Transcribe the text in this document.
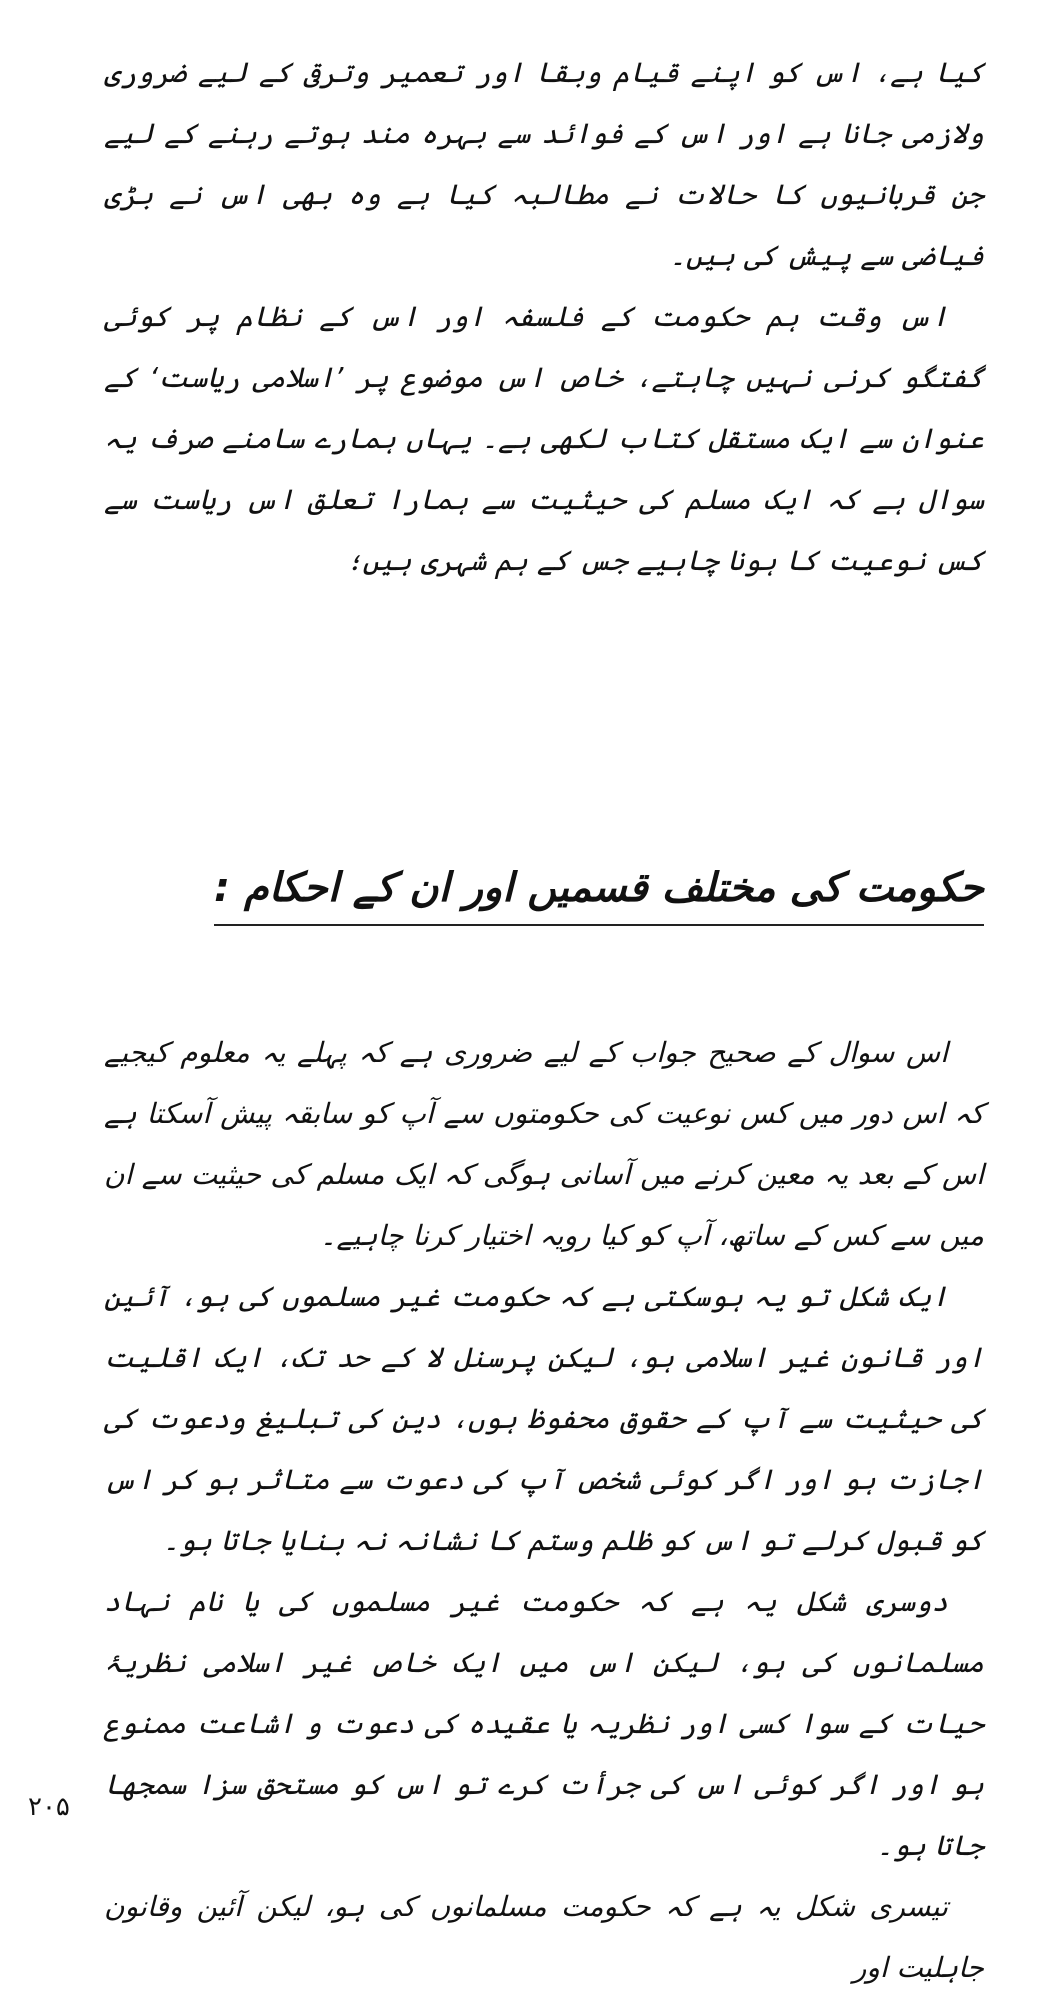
کیا ہے، اس کو اپنے قیام وبقا اور تعمیر وترقی کے لیے ضروری ولازمی جانا ہے اور اس کے فوائد سے بہرہ مند ہوتے رہنے کے لیے جن قربانیوں کا حالات نے مطالبہ کیا ہے وہ بھی اس نے بڑی فیاضی سے پیش کی ہیں۔

اس وقت ہم حکومت کے فلسفہ اور اس کے نظام پر کوئی گفتگو کرنی نہیں چاہتے، خاص اس موضوع پر ’اسلامی ریاست‘ کے عنوان سے ایک مستقل کتاب لکھی ہے۔ یہاں ہمارے سامنے صرف یہ سوال ہے کہ ایک مسلم کی حیثیت سے ہمارا تعلق اس ریاست سے کس نوعیت کا ہونا چاہیے جس کے ہم شہری ہیں؛

حکومت کی مختلف قسمیں اور ان کے احکام :

اس سوال کے صحیح جواب کے لیے ضروری ہے کہ پہلے یہ معلوم کیجیے کہ اس دور میں کس نوعیت کی حکومتوں سے آپ کو سابقہ پیش آسکتا ہے اس کے بعد یہ معین کرنے میں آسانی ہوگی کہ ایک مسلم کی حیثیت سے ان میں سے کس کے ساتھ، آپ کو کیا رویہ اختیار کرنا چاہیے۔

ایک شکل تو یہ ہوسکتی ہے کہ حکومت غیر مسلموں کی ہو، آئین اور قانون غیر اسلامی ہو، لیکن پرسنل لا کے حد تک، ایک اقلیت کی حیثیت سے آپ کے حقوق محفوظ ہوں، دین کی تبلیغ ودعوت کی اجازت ہو اور اگر کوئی شخص آپ کی دعوت سے متاثر ہو کر اس کو قبول کرلے تو اس کو ظلم وستم کا نشانہ نہ بنایا جاتا ہو۔

دوسری شکل یہ ہے کہ حکومت غیر مسلموں کی یا نام نہاد مسلمانوں کی ہو، لیکن اس میں ایک خاص غیر اسلامی نظریۂ حیات کے سوا کسی اور نظریہ یا عقیدہ کی دعوت و اشاعت ممنوع ہو اور اگر کوئی اس کی جرأت کرے تو اس کو مستحق سزا سمجھا جاتا ہو۔

تیسری شکل یہ ہے کہ حکومت مسلمانوں کی ہو، لیکن آئین وقانون جاہلیت اور

۲۰۵
